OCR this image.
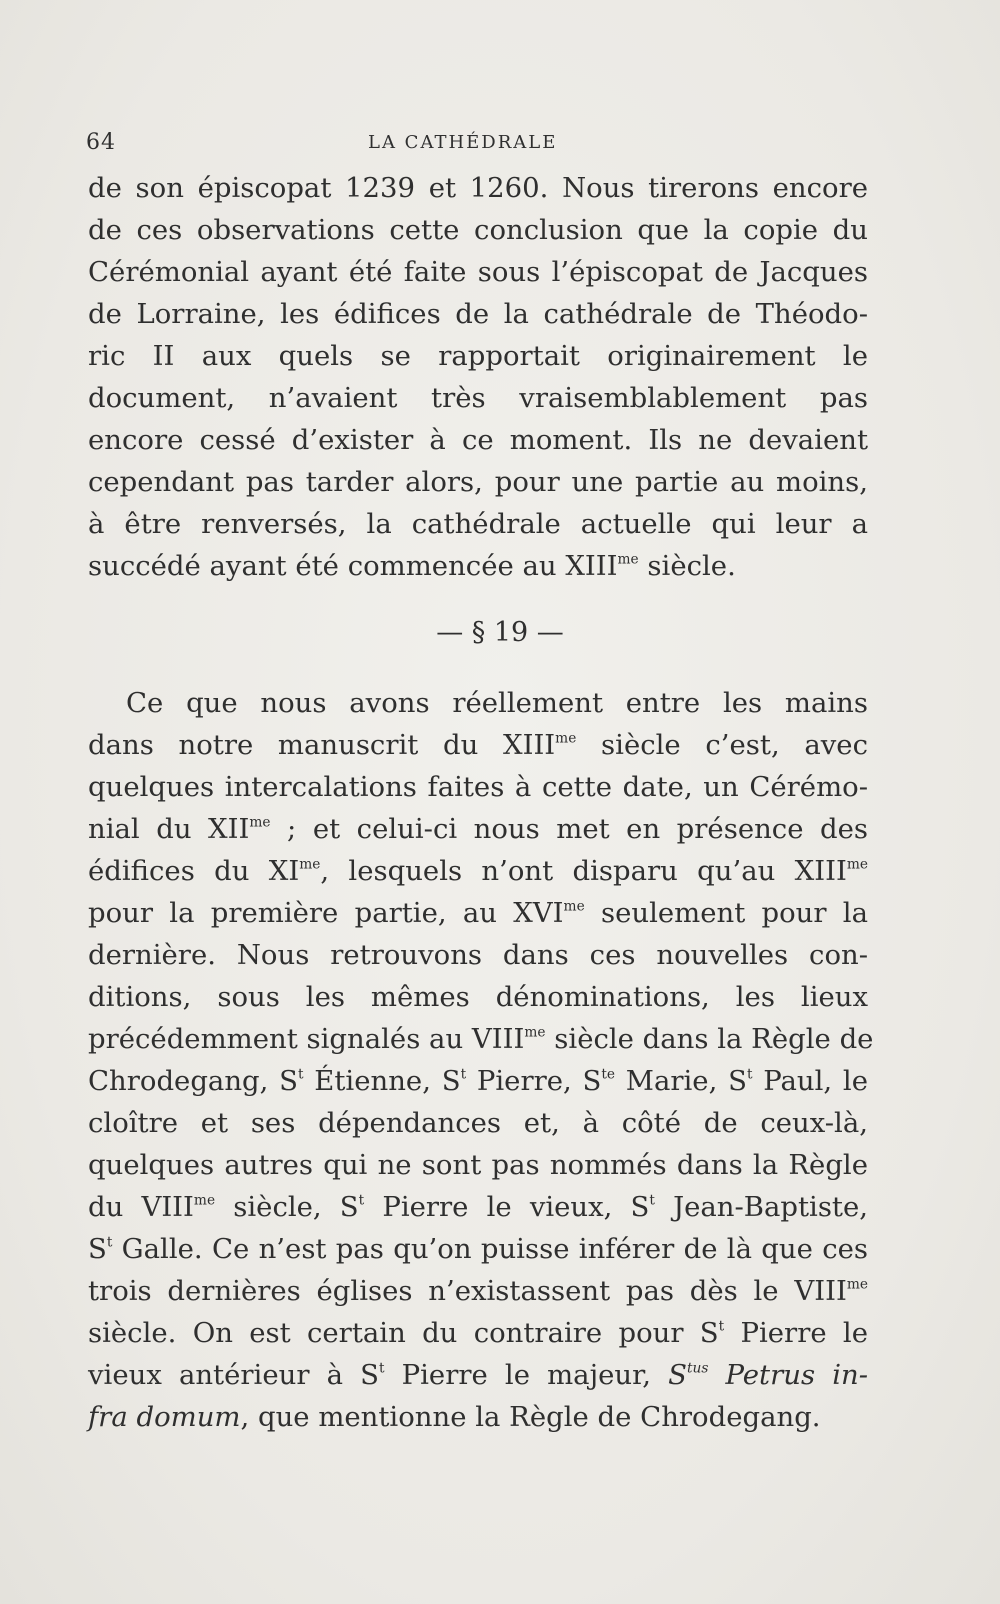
64	LA CATHÉDRALE
de son épiscopat 1239 et 1260. Nous tirerons encore
de ces observations cette conclusion que la copie du
Cérémonial ayant été faite sous l’épiscopat de Jacques
de Lorraine, les édifices de la cathédrale de Théodo-
ric II aux quels se rapportait originairement le
document, n’avaient très vraisemblablement pas
encore cessé d’exister à ce moment. Ils ne devaient
cependant pas tarder alors, pour une partie au moins,
à être renversés, la cathédrale actuelle qui leur a
succédé ayant été commencée au $XIII^{me}$ siècle.
— § 19 —
Ce que nous avons réellement entre les mains
dans notre manuscrit du $XIII^{me}$ siècle c’est, avec
quelques intercalations faites à cette date, un Cérémo-
nial du $XII^{me}$ ; et celui-ci nous met en présence des
édifices du $XI^{me}$, lesquels n’ont disparu qu’au $XIII^{me}$
pour la première partie, au $XVI^{me}$ seulement pour la
dernière. Nous retrouvons dans ces nouvelles con-
ditions, sous les mêmes dénominations, les lieux
précédemment signalés au $VIII^{me}$ siècle dans la Règle de
Chrodegang, $S^t$ Étienne, $S^t$ Pierre, $S^{te}$ Marie, $S^t$ Paul, le
cloître et ses dépendances et, à côté de ceux-là,
quelques autres qui ne sont pas nommés dans la Règle
du $VIII^{me}$ siècle, $S^t$ Pierre le vieux, $S^t$ Jean-Baptiste,
$S^t$ Galle. Ce n’est pas qu’on puisse inférer de là que ces
trois dernières églises n’existassent pas dès le $VIII^{me}$
siècle. On est certain du contraire pour $S^t$ Pierre le
vieux antérieur à $S^t$ Pierre le majeur, $S^{tus}$ Petrus in-
fra domum, que mentionne la Règle de Chrodegang.
